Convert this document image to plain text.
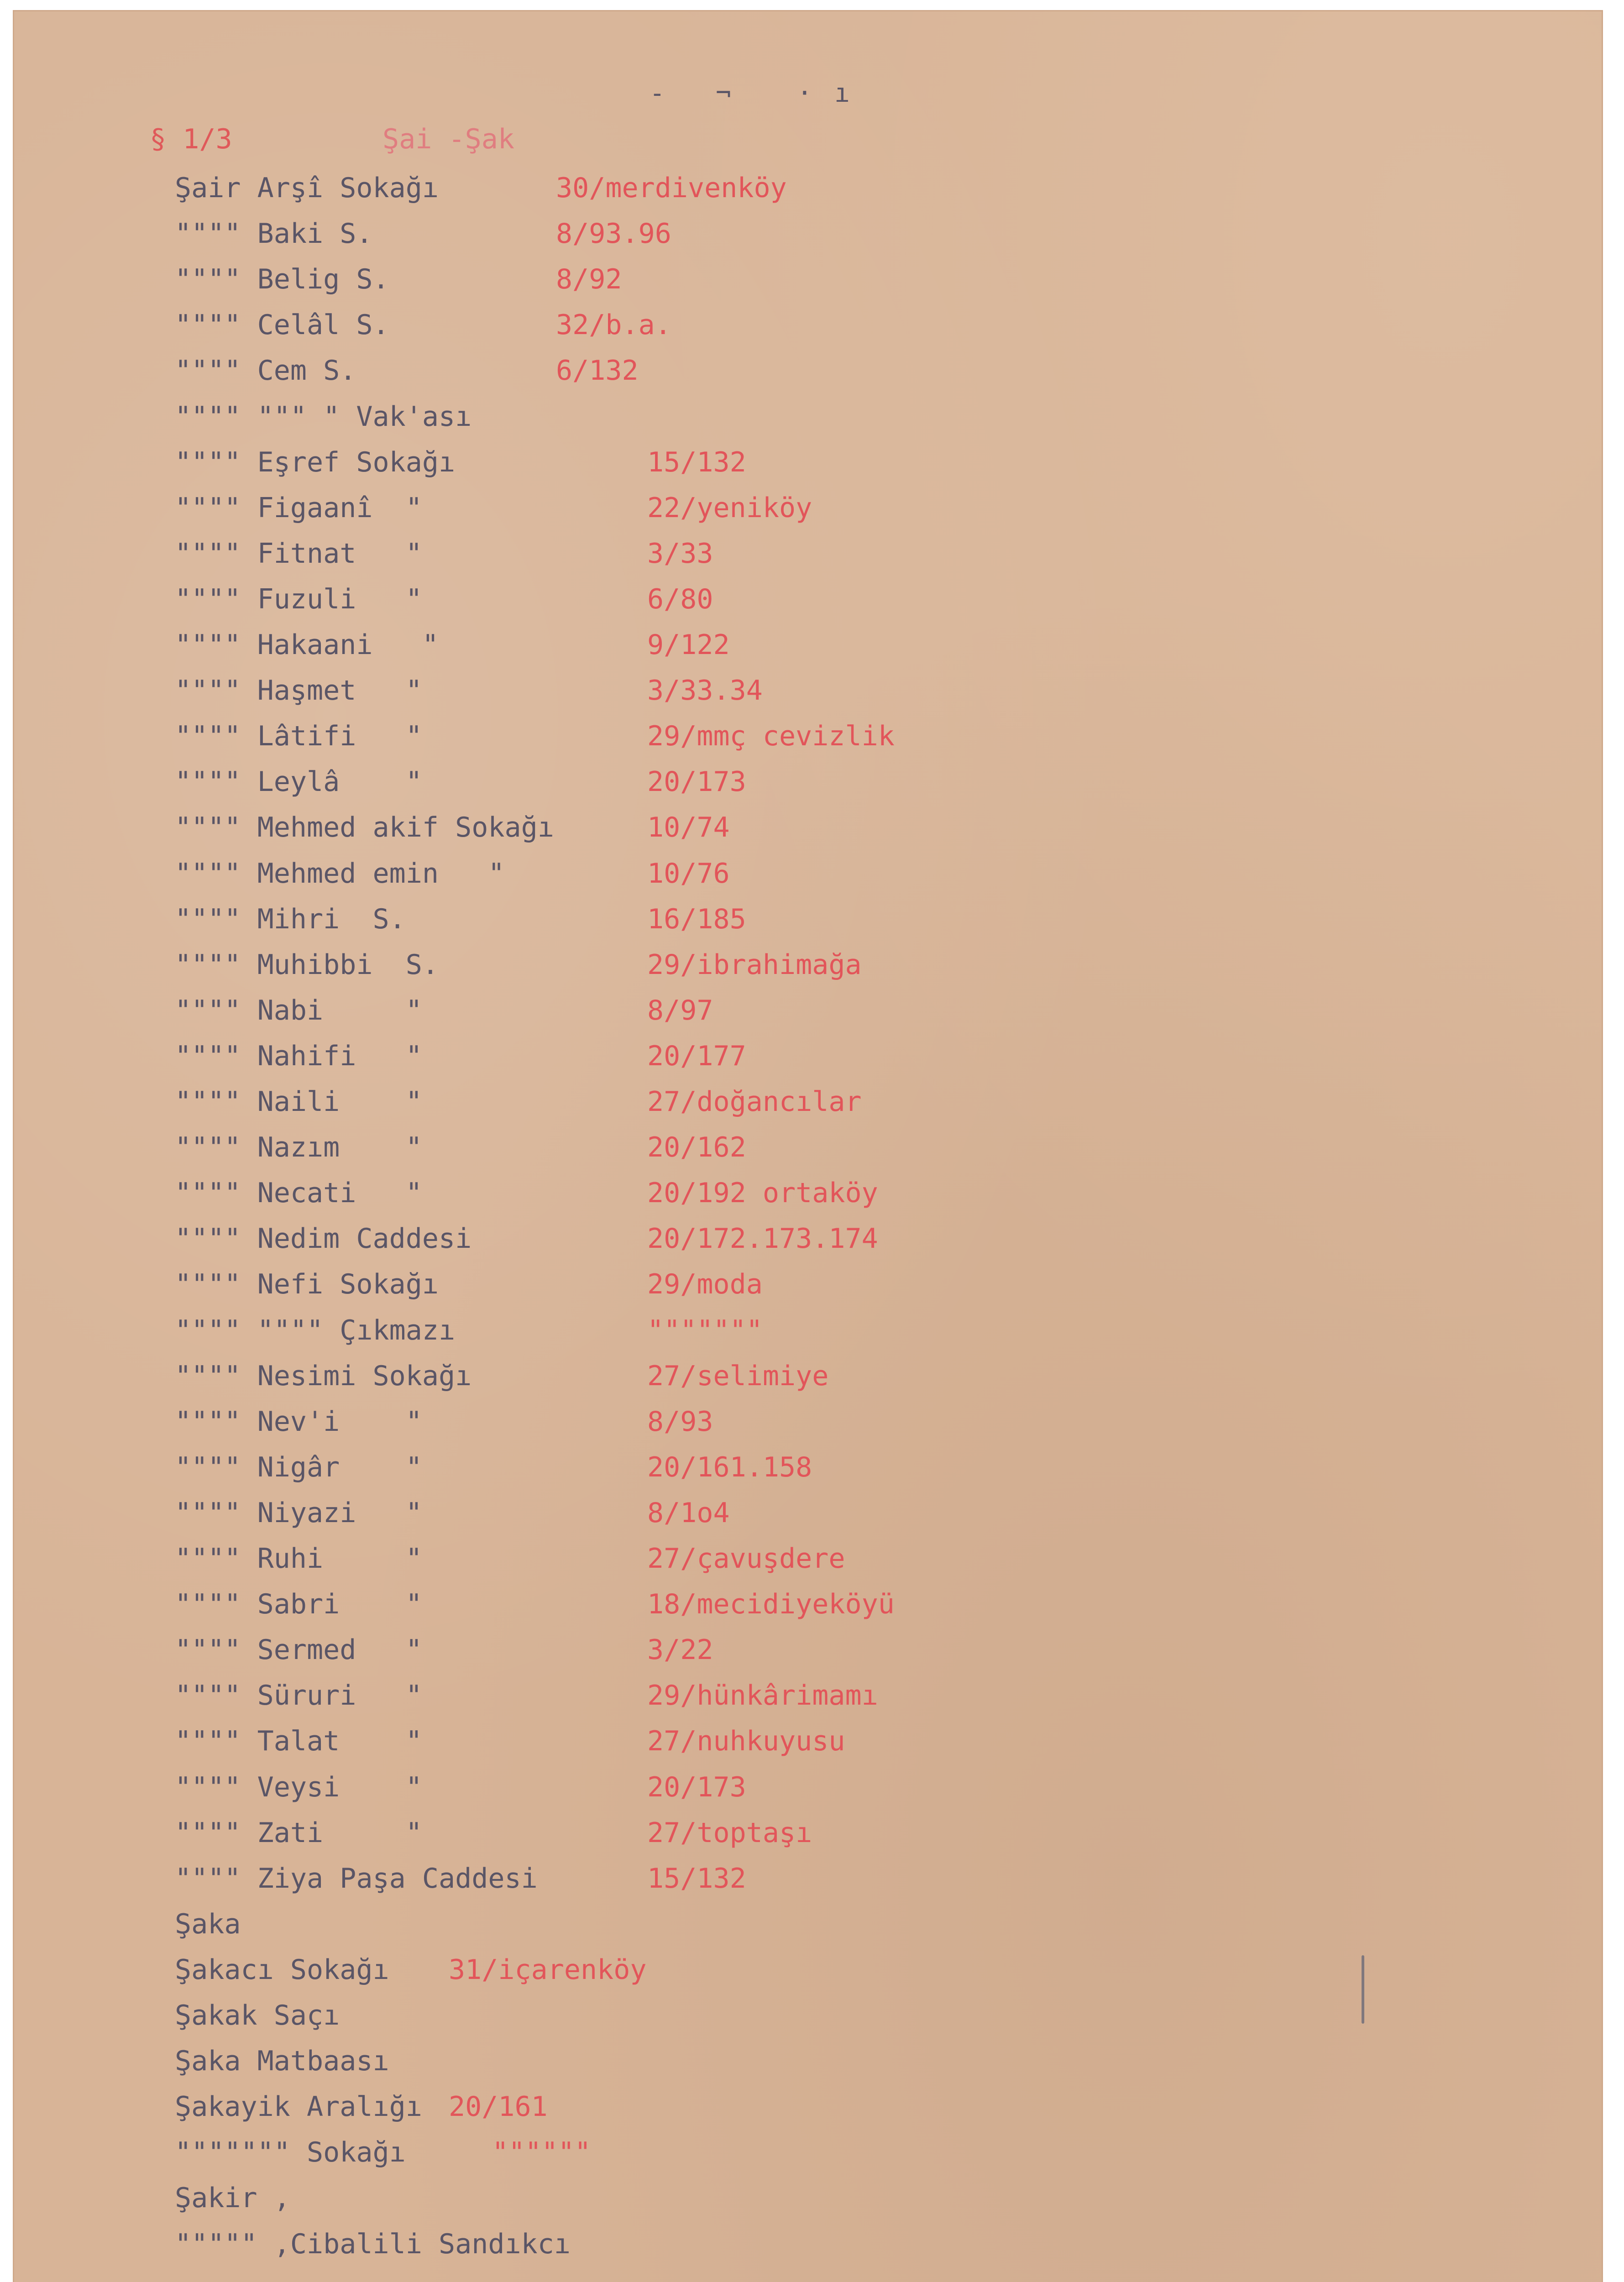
- ¬	· ı
§ 1/3	Şai -Şak
Şair Arşî Sokağı	30/merdivenköy
"""" Baki S.	8/93.96
"""" Belig S.	8/92
"""" Celâl S.	32/b.a.
"""" Cem S.	6/132
"""" """ " Vak'ası
"""" Eşref Sokağı	15/132
"""" Figaanî  "	22/yeniköy
"""" Fitnat   "	3/33
"""" Fuzuli   "	6/80
"""" Hakaani   "	9/122
"""" Haşmet   "	3/33.34
"""" Lâtifi   "	29/mmç cevizlik
"""" Leylâ    "	20/173
"""" Mehmed akif Sokağı	10/74
"""" Mehmed emin   "	10/76
"""" Mihri  S.	16/185
"""" Muhibbi  S.	29/ibrahimağa
"""" Nabi     "	8/97
"""" Nahifi   "	20/177
"""" Naili    "	27/doğancılar
"""" Nazım    "	20/162
"""" Necati   "	20/192 ortaköy
"""" Nedim Caddesi	20/172.173.174
"""" Nefi Sokağı	29/moda
"""" """" Çıkmazı	"""""""
"""" Nesimi Sokağı	27/selimiye
"""" Nev'i    "	8/93
"""" Nigâr    "	20/161.158
"""" Niyazi   "	8/1o4
"""" Ruhi     "	27/çavuşdere
"""" Sabri    "	18/mecidiyeköyü
"""" Sermed   "	3/22
"""" Süruri   "	29/hünkârimamı
"""" Talat    "	27/nuhkuyusu
"""" Veysi    "	20/173
"""" Zati     "	27/toptaşı
"""" Ziya Paşa Caddesi	15/132
Şaka
Şakacı Sokağı 31/içarenköy
Şakak Saçı
Şaka Matbaası
Şakayik Aralığı 20/161
""""""" Sokağı	""""""
Şakir ,
""""" ,Cibalili Sandıkcı
